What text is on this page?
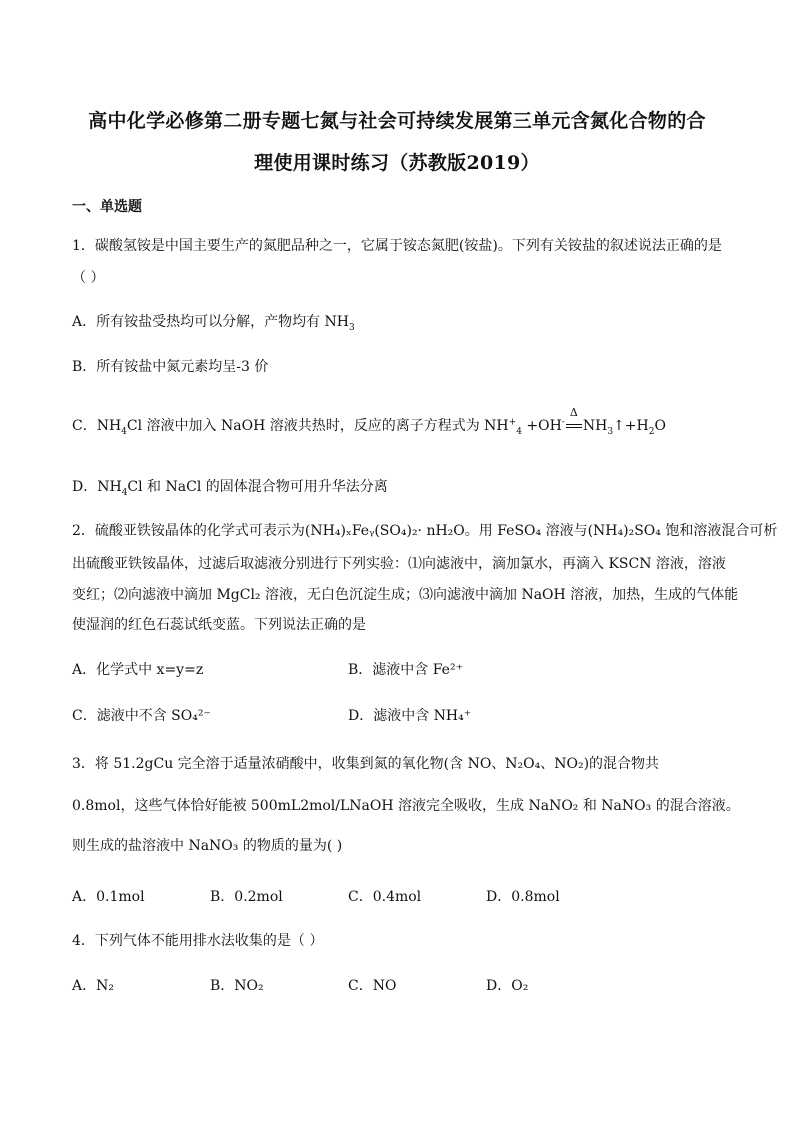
高中化学必修第二册专题七氮与社会可持续发展第三单元含氮化合物的合
理使用课时练习（苏教版2019）
一、单选题
1．碳酸氢铵是中国主要生产的氮肥品种之一，它属于铵态氮肥(铵盐)。下列有关铵盐的叙述说法正确的是
（ ）
A．所有铵盐受热均可以分解，产物均有 $NH_3$
B．所有铵盐中氮元素均呈-3 价
C．$NH_4Cl$ 溶液中加入 NaOH 溶液共热时，反应的离子方程式为 $NH^+_4 +OH^-$
Δ
$NH_3↑+H_2O$
D．$NH_4Cl$ 和 NaCl 的固体混合物可用升华法分离
2．硫酸亚铁铵晶体的化学式可表示为(NH₄)ₓFeᵧ(SO₄)₂· nH₂O。用 FeSO₄ 溶液与(NH₄)₂SO₄ 饱和溶液混合可析
出硫酸亚铁铵晶体，过滤后取滤液分别进行下列实验：⑴向滤液中，滴加氯水，再滴入 KSCN 溶液，溶液
变红；⑵向滤液中滴加 MgCl₂ 溶液，无白色沉淀生成；⑶向滤液中滴加 NaOH 溶液，加热，生成的气体能
使湿润的红色石蕊试纸变蓝。下列说法正确的是
A．化学式中 x=y=z	B．滤液中含 Fe²⁺
C．滤液中不含 SO₄²⁻	D．滤液中含 NH₄⁺
3．将 51.2gCu 完全溶于适量浓硝酸中，收集到氮的氧化物(含 NO、N₂O₄、NO₂)的混合物共
0.8mol，这些气体恰好能被 500mL2mol/LNaOH 溶液完全吸收，生成 NaNO₂ 和 NaNO₃ 的混合溶液。
则生成的盐溶液中 NaNO₃ 的物质的量为( )
A．0.1mol	B．0.2mol	C．0.4mol	D．0.8mol
4．下列气体不能用排水法收集的是（ ）
A．N₂	B．NO₂	C．NO	D．O₂
